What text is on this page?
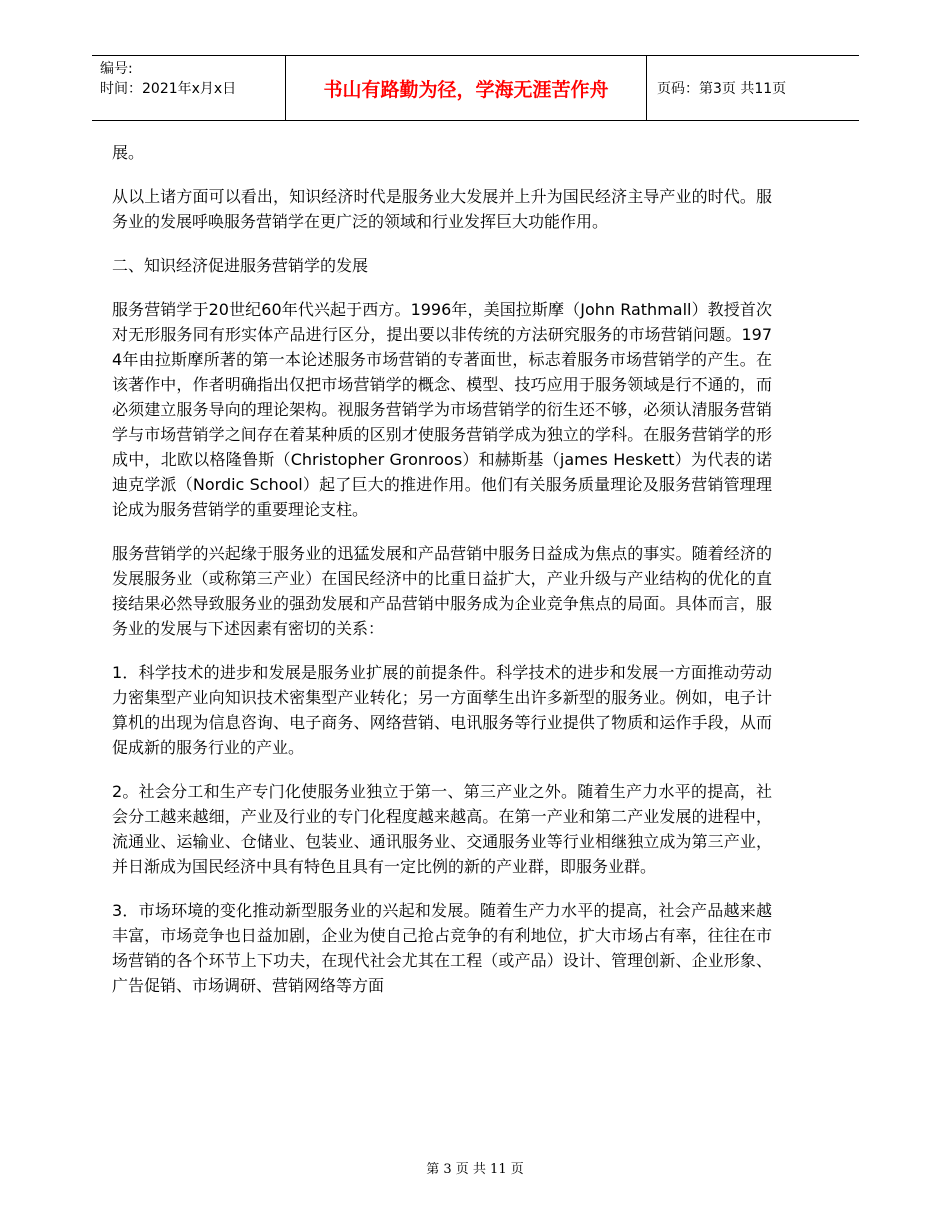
编号:
时间：2021年x月x日	书山有路勤为径，学海无涯苦作舟	页码：第3页 共11页

展。

从以上诸方面可以看出，知识经济时代是服务业大发展并上升为国民经济主导产业的时代。服务业的发展呼唤服务营销学在更广泛的领域和行业发挥巨大功能作用。

二、知识经济促进服务营销学的发展

服务营销学于20世纪60年代兴起于西方。1996年，美国拉斯摩（John Rathmall）教授首次对无形服务同有形实体产品进行区分，提出要以非传统的方法研究服务的市场营销问题。1974年由拉斯摩所著的第一本论述服务市场营销的专著面世，标志着服务市场营销学的产生。在该著作中，作者明确指出仅把市场营销学的概念、模型、技巧应用于服务领域是行不通的，而必须建立服务导向的理论架构。视服务营销学为市场营销学的衍生还不够，必须认清服务营销学与市场营销学之间存在着某种质的区别才使服务营销学成为独立的学科。在服务营销学的形成中，北欧以格隆鲁斯（Christopher Gronroos）和赫斯基（james Heskett）为代表的诺迪克学派（Nordic School）起了巨大的推进作用。他们有关服务质量理论及服务营销管理理论成为服务营销学的重要理论支柱。

服务营销学的兴起缘于服务业的迅猛发展和产品营销中服务日益成为焦点的事实。随着经济的发展服务业（或称第三产业）在国民经济中的比重日益扩大，产业升级与产业结构的优化的直接结果必然导致服务业的强劲发展和产品营销中服务成为企业竞争焦点的局面。具体而言，服务业的发展与下述因素有密切的关系：

1．科学技术的进步和发展是服务业扩展的前提条件。科学技术的进步和发展一方面推动劳动力密集型产业向知识技术密集型产业转化；另一方面孳生出许多新型的服务业。例如，电子计算机的出现为信息咨询、电子商务、网络营销、电讯服务等行业提供了物质和运作手段，从而促成新的服务行业的产业。

2。社会分工和生产专门化使服务业独立于第一、第三产业之外。随着生产力水平的提高，社会分工越来越细，产业及行业的专门化程度越来越高。在第一产业和第二产业发展的进程中，流通业、运输业、仓储业、包装业、通讯服务业、交通服务业等行业相继独立成为第三产业，并日渐成为国民经济中具有特色且具有一定比例的新的产业群，即服务业群。

3．市场环境的变化推动新型服务业的兴起和发展。随着生产力水平的提高，社会产品越来越丰富，市场竞争也日益加剧，企业为使自己抢占竞争的有利地位，扩大市场占有率，往往在市场营销的各个环节上下功夫，在现代社会尤其在工程（或产品）设计、管理创新、企业形象、广告促销、市场调研、营销网络等方面

第 3 页 共 11 页
